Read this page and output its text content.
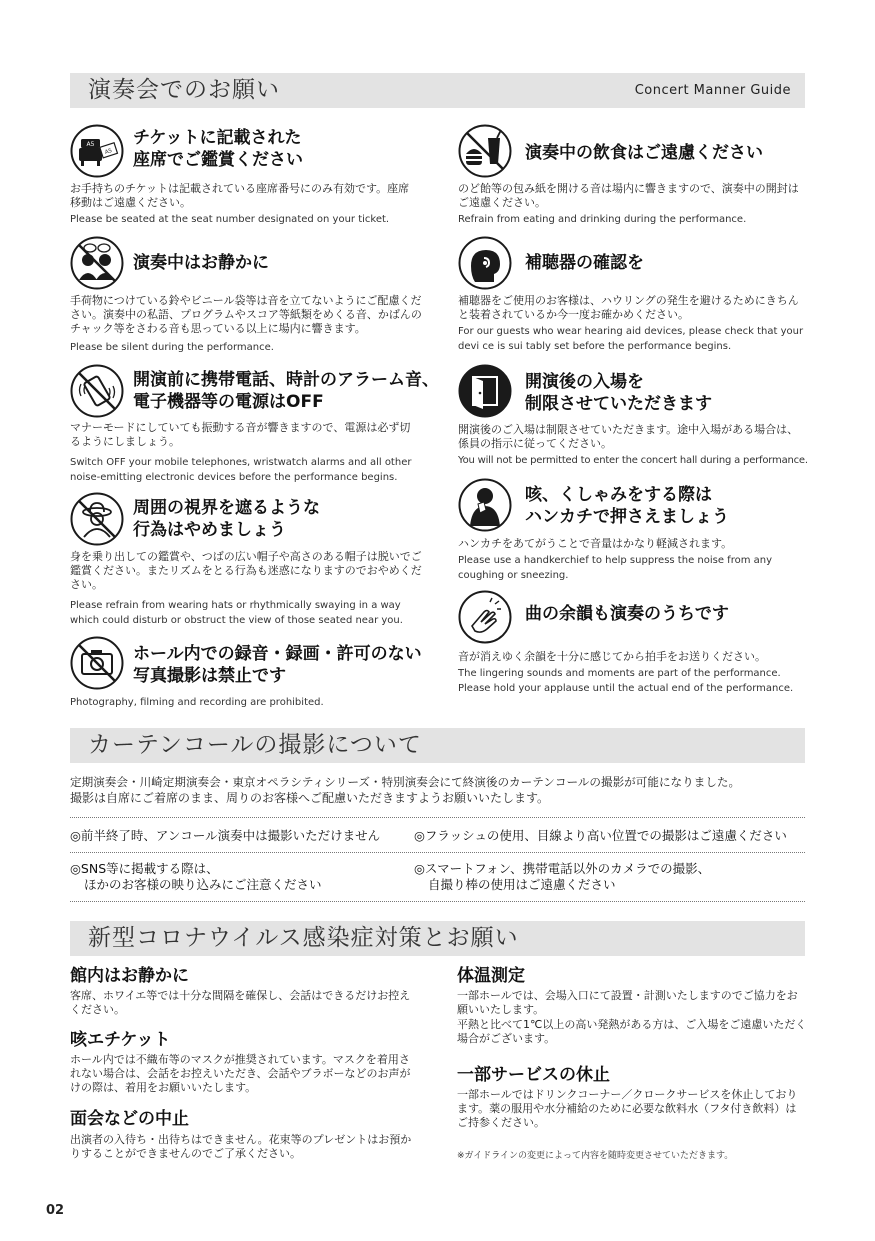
演奏会でのお願い	Concert Manner Guide
A5
A5
チケットに記載された
座席でご鑑賞ください
お手持ちのチケットは記載されている座席番号にのみ有効です。座席移動はご遠慮ください。
Please be seated at the seat number designated on your ticket.
演奏中はお静かに
手荷物につけている鈴やビニール袋等は音を立てないようにご配慮ください。演奏中の私語、プログラムやスコア等紙類をめくる音、かばんのチャック等をさわる音も思っている以上に場内に響きます。
Please be silent during the performance.
開演前に携帯電話、時計のアラーム音、
電子機器等の電源はOFF
マナーモードにしていても振動する音が響きますので、電源は必ず切るようにしましょう。
Switch OFF your mobile telephones, wristwatch alarms and all other noise-emitting electronic devices before the performance begins.
周囲の視界を遮るような
行為はやめましょう
身を乗り出しての鑑賞や、つばの広い帽子や高さのある帽子は脱いでご鑑賞ください。またリズムをとる行為も迷惑になりますのでおやめください。
Please refrain from wearing hats or rhythmically swaying in a way which could disturb or obstruct the view of those seated near you.
ホール内での録音・録画・許可のない
写真撮影は禁止です
Photography, filming and recording are prohibited.
演奏中の飲食はご遠慮ください
のど飴等の包み紙を開ける音は場内に響きますので、演奏中の開封はご遠慮ください。
Refrain from eating and drinking during the performance.
補聴器の確認を
補聴器をご使用のお客様は、ハウリングの発生を避けるためにきちんと装着されているか今一度お確かめください。
For our guests who wear hearing aid devices, please check that your devi ce is sui tably set before the performance begins.
開演後の入場を
制限させていただきます
開演後のご入場は制限させていただきます。途中入場がある場合は、係員の指示に従ってください。
You will not be permitted to enter the concert hall during a performance.
咳、くしゃみをする際は
ハンカチで押さえましょう
ハンカチをあてがうことで音量はかなり軽減されます。
Please use a handkerchief to help suppress the noise from any coughing or sneezing.
曲の余韻も演奏のうちです
音が消えゆく余韻を十分に感じてから拍手をお送りください。
The lingering sounds and moments are part of the performance. Please hold your applause until the actual end of the performance.
カーテンコールの撮影について
定期演奏会・川崎定期演奏会・東京オペラシティシリーズ・特別演奏会にて終演後のカーテンコールの撮影が可能になりました。
撮影は自席にご着席のまま、周りのお客様へご配慮いただきますようお願いいたします。
◎前半終了時、アンコール演奏中は撮影いただけません	◎フラッシュの使用、目線より高い位置での撮影はご遠慮ください
◎SNS等に掲載する際は、
ほかのお客様の映り込みにご注意ください
◎スマートフォン、携帯電話以外のカメラでの撮影、
自撮り棒の使用はご遠慮ください
新型コロナウイルス感染症対策とお願い
館内はお静かに
客席、ホワイエ等では十分な間隔を確保し、会話はできるだけお控えください。
咳エチケット
ホール内では不織布等のマスクが推奨されています。マスクを着用されない場合は、会話をお控えいただき、会話やブラボーなどのお声がけの際は、着用をお願いいたします。
面会などの中止
出演者の入待ち・出待ちはできません。花束等のプレゼントはお預かりすることができませんのでご了承ください。
体温測定
一部ホールでは、会場入口にて設置・計測いたしますのでご協力をお願いいたします。
平熱と比べて1℃以上の高い発熱がある方は、ご入場をご遠慮いただく場合がございます。
一部サービスの休止
一部ホールではドリンクコーナー／クロークサービスを休止しております。薬の服用や水分補給のために必要な飲料水（フタ付き飲料）はご持参ください。
※ガイドラインの変更によって内容を随時変更させていただきます。
02
